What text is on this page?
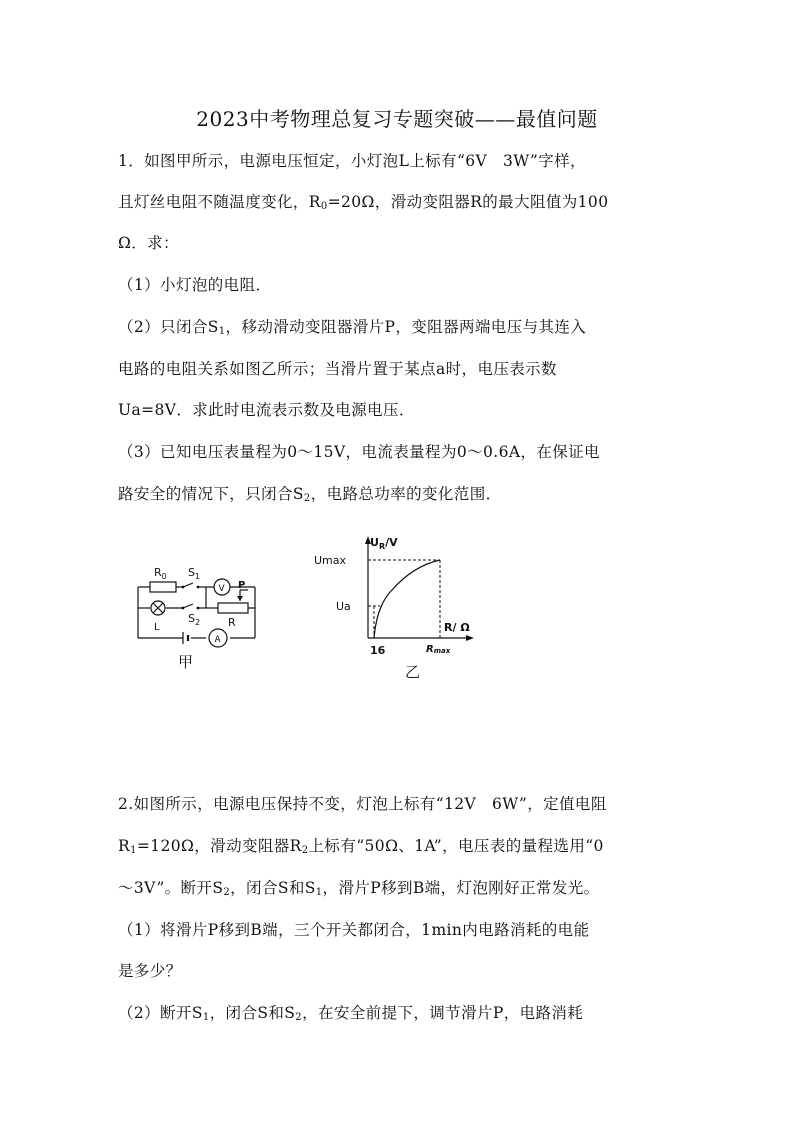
2023中考物理总复习专题突破——最值问题
1．如图甲所示，电源电压恒定，小灯泡L上标有“6V　3W”字样，
且灯丝电阻不随温度变化，$R_0=20\Omega$，滑动变阻器R的最大阻值为100
Ω．求：
（1）小灯泡的电阻．
（2）只闭合$S_1$，移动滑动变阻器滑片P，变阻器两端电压与其连入
电路的电阻关系如图乙所示；当滑片置于某点a时，电压表示数
Ua=8V．求此时电流表示数及电源电压．
（3）已知电压表量程为0～15V，电流表量程为0～0.6A，在保证电
路安全的情况下，只闭合$S_2$，电路总功率的变化范围．
$R_0$ $S_1$
$S_2$
V
A
P
R
L
甲
$U_R/V$
Umax
Ua
R/ Ω
16	Rmax
乙
2.如图所示，电源电压保持不变，灯泡上标有“12V　6W”，定值电阻
$R_1=120\Omega$，滑动变阻器$R_2$上标有“50Ω、1A”，电压表的量程选用“0
～3V”。断开$S_2$，闭合S和$S_1$，滑片P移到B端，灯泡刚好正常发光。
（1）将滑片P移到B端，三个开关都闭合，1min内电路消耗的电能
是多少？
（2）断开$S_1$，闭合S和$S_2$，在安全前提下，调节滑片P，电路消耗
